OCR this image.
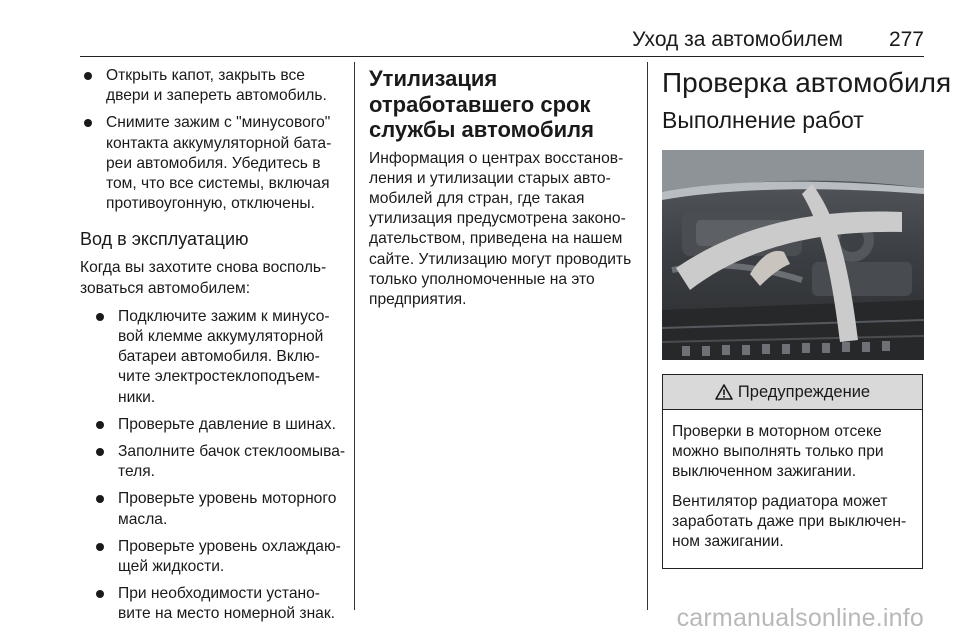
Уход за автомобилем 277
Открыть капот, закрыть все двери и запереть автомобиль.
Снимите зажим с "минусового" контакта аккумуляторной батареи автомобиля. Убедитесь в том, что все системы, включая противоугонную, отключены.
Вод в эксплуатацию

Когда вы захотите снова воспользоваться автомобилем:

Подключите зажим к минусовой клемме аккумуляторной батареи автомобиля. Включите электростеклоподъемники.
Проверьте давление в шинах.
Заполните бачок стеклоомывателя.
Проверьте уровень моторного масла.
Проверьте уровень охлаждающей жидкости.
При необходимости установите на место номерной знак.
Утилизация отработавшего срок службы автомобиля

Информация о центрах восстановления и утилизации старых автомобилей для стран, где такая утилизация предусмотрена законодательством, приведена на нашем сайте. Утилизацию могут проводить только уполномоченные на это предприятия.

Проверка автомобиля
Выполнение работ
Предупреждение

Проверки в моторном отсеке можно выполнять только при выключенном зажигании.

Вентилятор радиатора может заработать даже при выключенном зажигании.

carmanualsonline.info
